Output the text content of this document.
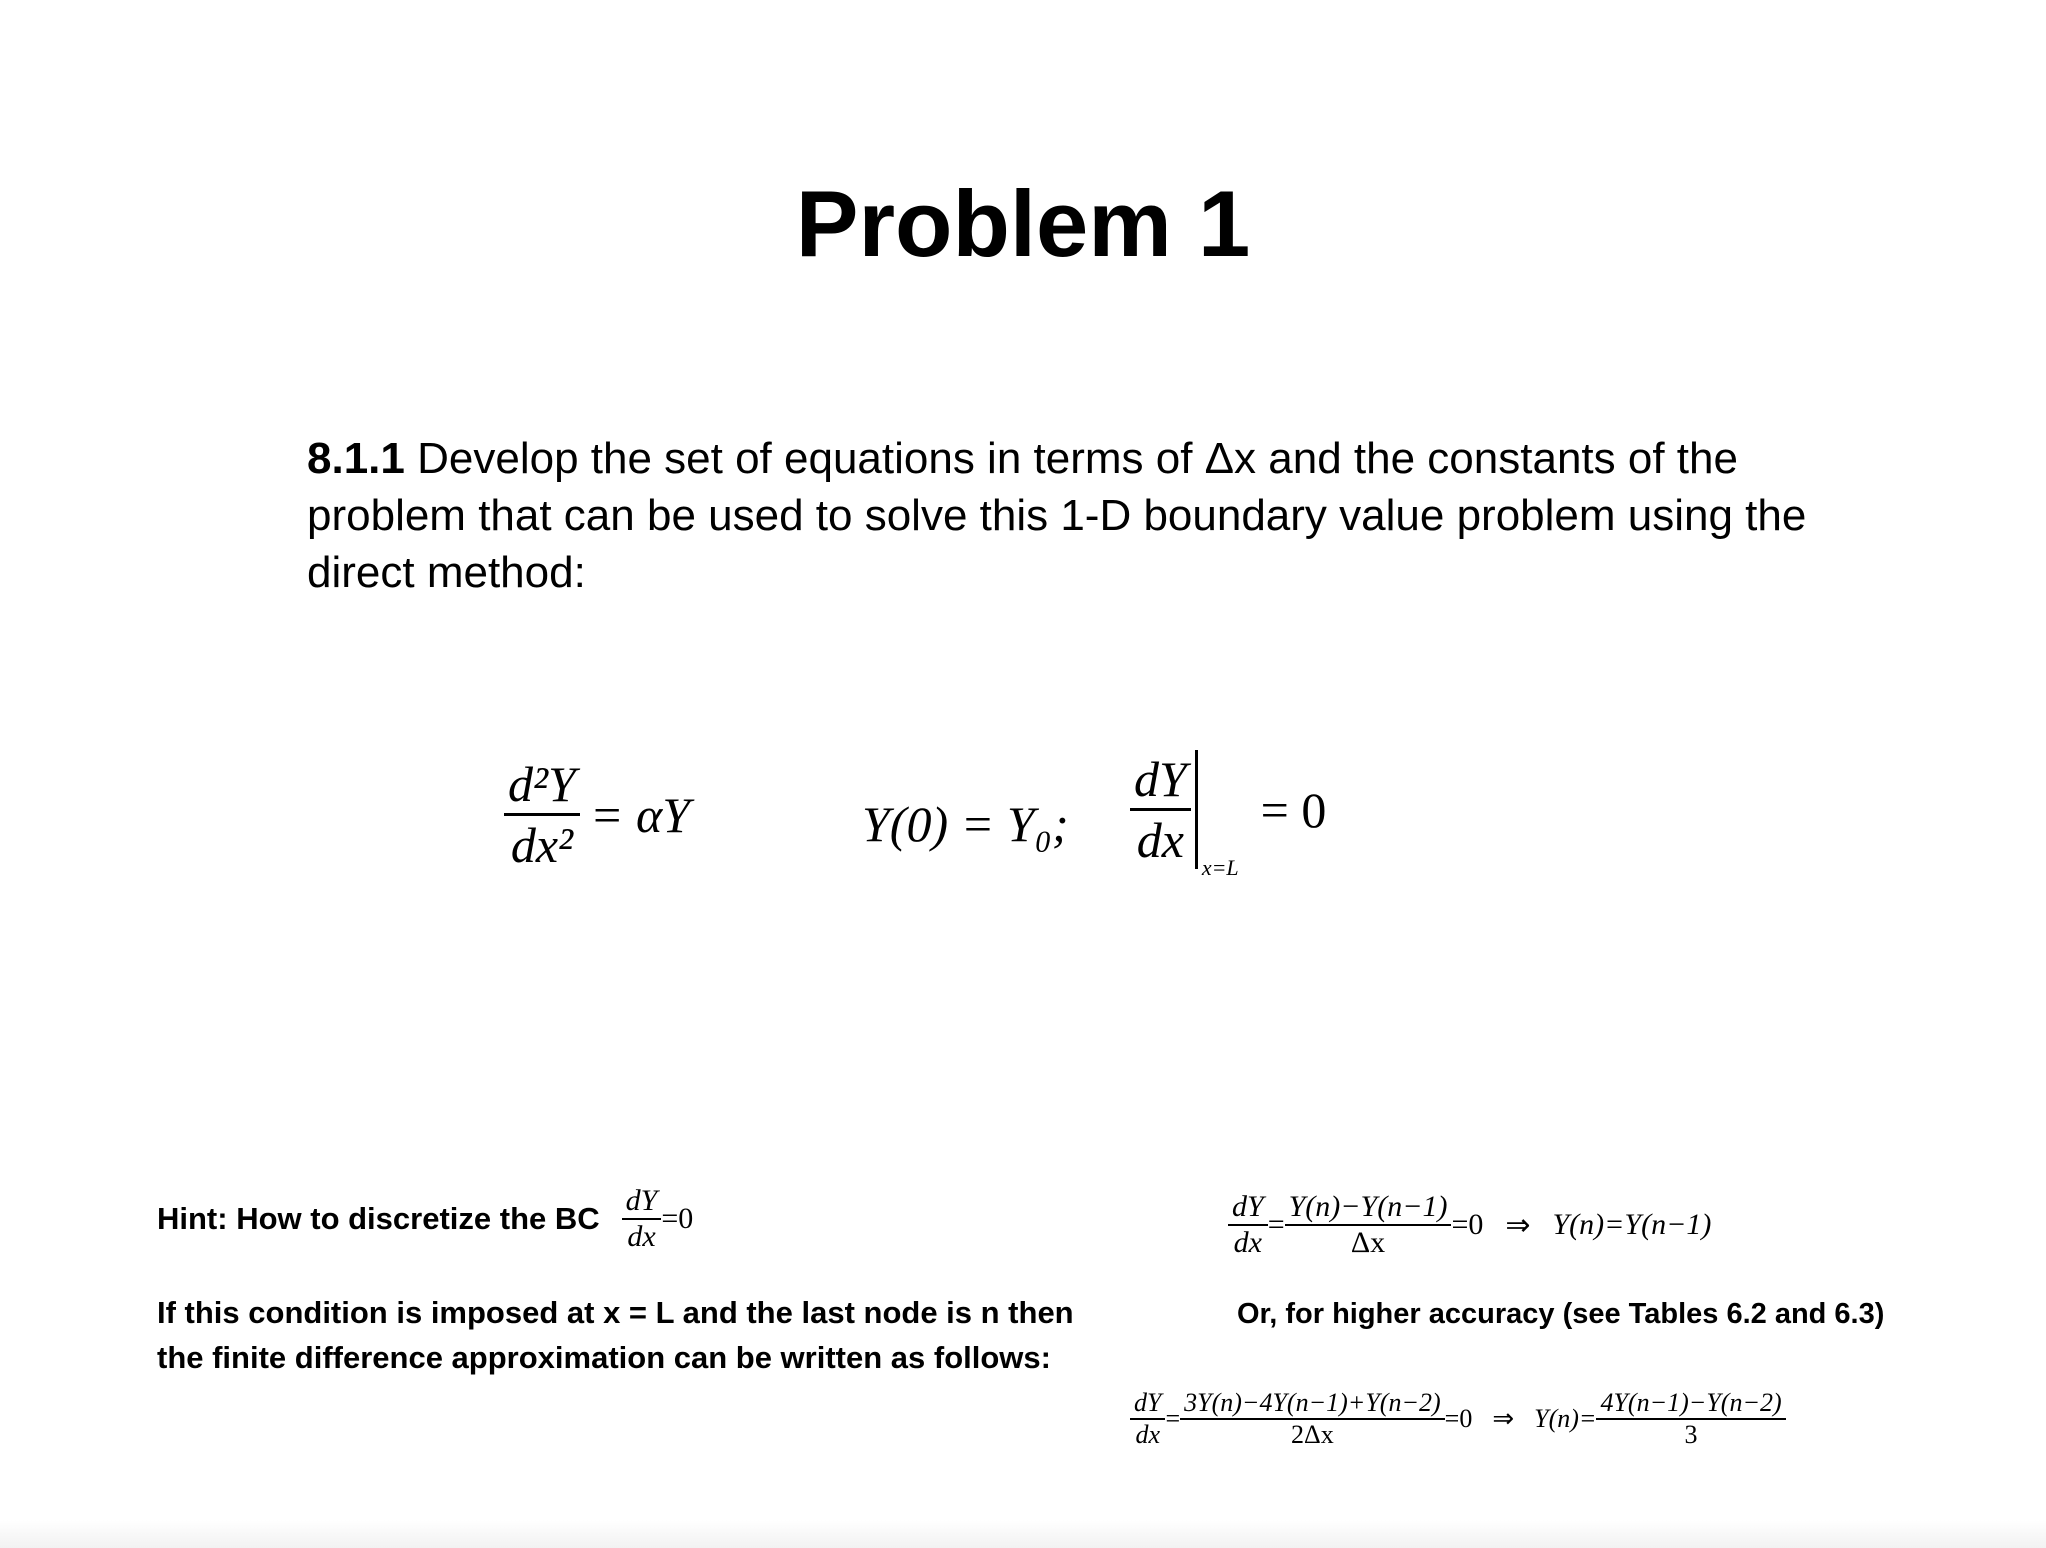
Problem 1
8.1.1 Develop the set of equations in terms of Δx and the constants of the problem that can be used to solve this 1-D boundary value problem using the direct method:
$\frac{\text{d²Y}}{\text{dx²}} = \alpha Y$	Y(0) = Y₀; $\frac{dY}{dx} x=L$
= 0
Hint: How to discretize the BC $\frac{dY}{dx} =0$
If this condition is imposed at x = L and the last node is n then
the finite difference approximation can be written as follows:
$\frac{dY}{dx} = \frac{Y(n)-Y(n-1)}{\Delta x} =0$ ⇒ Y(n)=Y(n−1)
Or, for higher accuracy (see Tables 6.2 and 6.3)
$\frac{dY}{dx} = \frac{3Y(n)-4Y(n-1)+Y(n-2)}{2\Delta x} =0$ ⇒ $Y(n)= \frac{4Y(n-1)-Y(n-2)}{3}$
